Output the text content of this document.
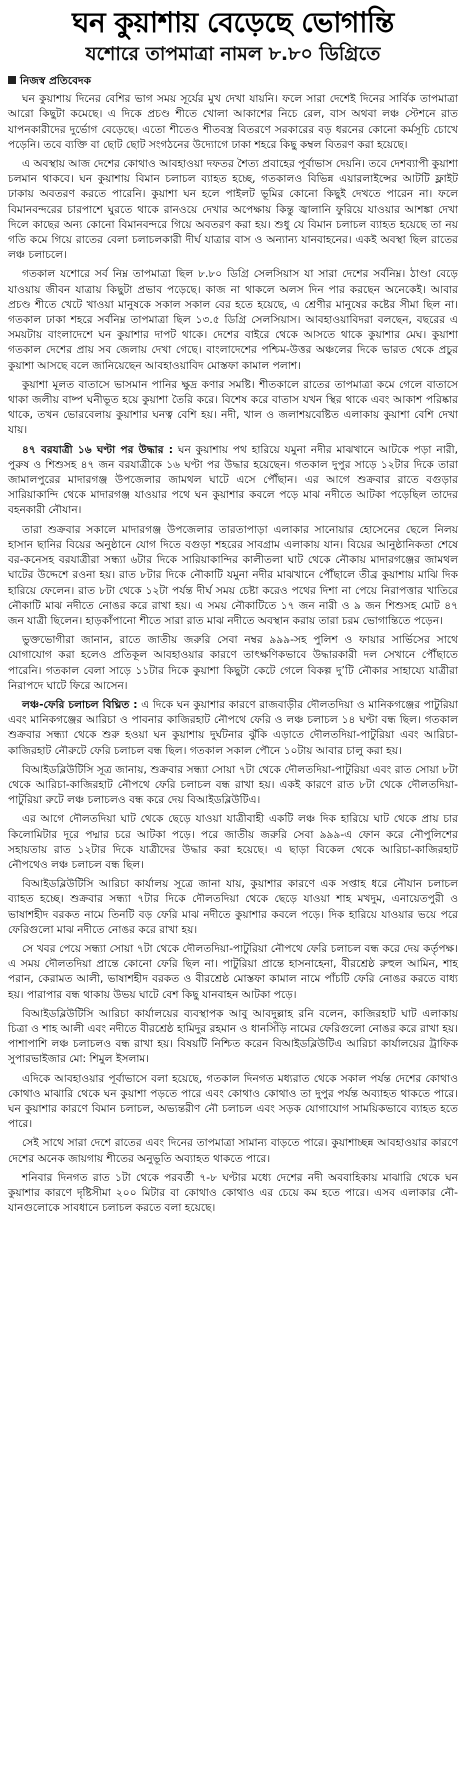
ঘন কুয়াশায় বেড়েছে ভোগান্তি
যশোরে তাপমাত্রা নামল ৮.৮০ ডিগ্রিতে
নিজস্ব প্রতিবেদক

ঘন কুয়াশায় দিনের বেশির ভাগ সময় সূর্যের মুখ দেখা যায়নি। ফলে সারা দেশেই দিনের সার্বিক তাপমাত্রা আরো কিছুটা কমেছে। এ দিকে প্রচণ্ড শীতে খোলা আকাশের নিচে রেল, বাস অথবা লঞ্চ স্টেশনে রাত যাপনকারীদের দুর্ভোগ বেড়েছে। এতো শীতেও শীতবস্ত্র বিতরণে সরকারের বড় ধরনের কোনো কর্মসূচি চোখে পড়েনি। তবে ব্যক্তি বা ছোট ছোট সংগঠনের উদ্যোগে ঢাকা শহরে কিছু কম্বল বিতরণ করা হয়েছে।

এ অবস্থায় আজ দেশের কোথাও আবহাওয়া দফতর শৈত্য প্রবাহের পূর্বাভাস দেয়নি। তবে দেশব্যাপী কুয়াশা চলমান থাকবে। ঘন কুয়াশায় বিমান চলাচল ব্যাহত হচ্ছে, গতকালও বিভিন্ন এয়ারলাইন্সের আটটি ফ্লাইট ঢাকায় অবতরণ করতে পারেনি। কুয়াশা ঘন হলে পাইলট ভূমির কোনো কিছুই দেখতে পারেন না। ফলে বিমানবন্দরের চারপাশে ঘুরতে থাকে রানওয়ে দেখার অপেক্ষায় কিন্তু জ্বালানি ফুরিয়ে যাওয়ার আশঙ্কা দেখা দিলে কাছের অন্য কোনো বিমানবন্দরে গিয়ে অবতরণ করা হয়। শুধু যে বিমান চলাচল ব্যাহত হয়েছে তা নয় গতি কমে গিয়ে রাতের বেলা চলাচলকারী দীর্ঘ যাত্রার বাস ও অন্যান্য যানবাহনের। একই অবস্থা ছিল রাতের লঞ্চ চলাচলে।

গতকাল যশোরে সর্ব নিম্ন তাপমাত্রা ছিল ৮.৮০ ডিগ্রি সেলসিয়াস যা সারা দেশের সর্বনিম্ন। ঠাণ্ডা বেড়ে যাওয়ায় জীবন যাত্রায় কিছুটা প্রভাব পড়েছে। কাজ না থাকলে অলস দিন পার করছেন অনেকেই। আবার প্রচণ্ড শীতে খেটে খাওয়া মানুষকে সকাল সকাল বের হতে হয়েছে, এ শ্রেণীর মানুষের কষ্টের সীমা ছিল না। গতকাল ঢাকা শহরে সর্বনিম্ন তাপমাত্রা ছিল ১৩.৫ ডিগ্রি সেলসিয়াস। আবহাওয়াবিদরা বলছেন, বছরের এ সময়টায় বাংলাদেশে ঘন কুয়াশার দাপট থাকে। দেশের বাইরে থেকে আসতে থাকে কুয়াশার মেঘ। কুয়াশা গতকাল দেশের প্রায় সব জেলায় দেখা গেছে। বাংলাদেশের পশ্চিম-উত্তর অঞ্চলের দিকে ভারত থেকে প্রচুর কুয়াশা আসছে বলে জানিয়েছেন আবহাওয়াবিদ মোস্তফা কামাল পলাশ।

কুয়াশা মূলত বাতাসে ভাসমান পানির ক্ষুদ্র কণার সমষ্টি। শীতকালে রাতের তাপমাত্রা কমে গেলে বাতাসে থাকা জলীয় বাষ্প ঘনীভূত হয়ে কুয়াশা তৈরি করে। বিশেষ করে বাতাস যখন স্থির থাকে এবং আকাশ পরিষ্কার থাকে, তখন ভোরবেলায় কুয়াশার ঘনত্ব বেশি হয়। নদী, খাল ও জলাশয়বেষ্টিত এলাকায় কুয়াশা বেশি দেখা যায়।

৪৭ বরযাত্রী ১৬ ঘণ্টা পর উদ্ধার : ঘন কুয়াশায় পথ হারিয়ে যমুনা নদীর মাঝখানে আটকে পড়া নারী, পুরুষ ও শিশুসহ ৪৭ জন বরযাত্রীকে ১৬ ঘণ্টা পর উদ্ধার হয়েছেন। গতকাল দুপুর সাড়ে ১২টার দিকে তারা জামালপুরের মাদারগঞ্জ উপজেলার জামথল ঘাটে এসে পৌঁছান। এর আগে শুক্রবার রাতে বগুড়ার সারিয়াকান্দি থেকে মাদারগঞ্জ যাওয়ার পথে ঘন কুয়াশার কবলে পড়ে মাঝ নদীতে আটকা পড়েছিল তাদের বহনকারী নৌযান।

তারা শুক্রবার সকালে মাদারগঞ্জ উপজেলার তারতাপাড়া এলাকার সানোয়ার হোসেনের ছেলে নিলয় হাসান ছানির বিয়ের অনুষ্ঠানে যোগ দিতে বগুড়া শহরের সাবগ্রাম এলাকায় যান। বিয়ের আনুষ্ঠানিকতা শেষে বর-কনেসহ বরযাত্রীরা সন্ধ্যা ৬টার দিকে সারিয়াকান্দির কালীতলা ঘাট থেকে নৌকায় মাদারগঞ্জের জামথল ঘাটের উদ্দেশে রওনা হয়। রাত ৮টার দিকে নৌকাটি যমুনা নদীর মাঝখানে পৌঁছালে তীব্র কুয়াশায় মাঝি দিক হারিয়ে ফেলেন। রাত ৮টা থেকে ১২টা পর্যন্ত দীর্ঘ সময় চেষ্টা করেও পথের দিশা না পেয়ে নিরাপত্তার খাতিরে নৌকাটি মাঝ নদীতে নোঙর করে রাখা হয়। এ সময় নৌকাটিতে ১৭ জন নারী ও ৯ জন শিশুসহ মোট ৪৭ জন যাত্রী ছিলেন। হাড়কাঁপানো শীতে সারা রাত মাঝ নদীতে অবস্থান করায় তারা চরম ভোগান্তিতে পড়েন।

ভুক্তভোগীরা জানান, রাতে জাতীয় জরুরি সেবা নম্বর ৯৯৯-সহ পুলিশ ও ফায়ার সার্ভিসের সাথে যোগাযোগ করা হলেও প্রতিকূল আবহাওয়ার কারণে তাৎক্ষণিকভাবে উদ্ধারকারী দল সেখানে পৌঁছাতে পারেনি। গতকাল বেলা সাড়ে ১১টার দিকে কুয়াশা কিছুটা কেটে গেলে বিকল্প দু’টি নৌকার সাহায্যে যাত্রীরা নিরাপদে ঘাটে ফিরে আসেন।

লঞ্চ-ফেরি চলাচল বিঘ্নিত : এ দিকে ঘন কুয়াশার কারণে রাজবাড়ীর দৌলতদিয়া ও মানিকগঞ্জের পাটুরিয়া এবং মানিকগঞ্জের আরিচা ও পাবনার কাজিরহাট নৌপথে ফেরি ও লঞ্চ চলাচল ১৪ ঘণ্টা বন্ধ ছিল। গতকাল শুক্রবার সন্ধ্যা থেকে শুরু হওয়া ঘন কুয়াশায় দুর্ঘটনার ঝুঁকি এড়াতে দৌলতদিয়া-পাটুরিয়া এবং আরিচা-কাজিরহাট নৌরুটে ফেরি চলাচল বন্ধ ছিল। গতকাল সকাল পৌনে ১০টায় আবার চালু করা হয়।

বিআইডব্লিউটিসি সূত্র জানায়, শুক্রবার সন্ধ্যা সোয়া ৭টা থেকে দৌলতদিয়া-পাটুরিয়া এবং রাত সোয়া ৮টা থেকে আরিচা-কাজিরহাট নৌপথে ফেরি চলাচল বন্ধ রাখা হয়। একই কারণে রাত ৮টা থেকে দৌলতদিয়া-পাটুরিয়া রুটে লঞ্চ চলাচলও বন্ধ করে দেয় বিআইডব্লিউটিএ।

এর আগে দৌলতদিয়া ঘাট থেকে ছেড়ে যাওয়া যাত্রীবাহী একটি লঞ্চ দিক হারিয়ে ঘাট থেকে প্রায় চার কিলোমিটার দূরে পদ্মার চরে আটকা পড়ে। পরে জাতীয় জরুরি সেবা ৯৯৯-এ ফোন করে নৌপুলিশের সহায়তায় রাত ১২টার দিকে যাত্রীদের উদ্ধার করা হয়েছে। এ ছাড়া বিকেল থেকে আরিচা-কাজিরহাট নৌপথেও লঞ্চ চলাচল বন্ধ ছিল।

বিআইডব্লিউটিসি আরিচা কার্যালয় সূত্রে জানা যায়, কুয়াশার কারণে এক সপ্তাহ ধরে নৌযান চলাচল ব্যাহত হচ্ছে। শুক্রবার সন্ধ্যা ৭টার দিকে দৌলতদিয়া থেকে ছেড়ে যাওয়া শাহ মখদুম, এনায়েতপুরী ও ভাষাশহীদ বরকত নামে তিনটি বড় ফেরি মাঝ নদীতে কুয়াশার কবলে পড়ে। দিক হারিয়ে যাওয়ার ভয়ে পরে ফেরিগুলো মাঝ নদীতে নোঙর করে রাখা হয়।

সে খবর পেয়ে সন্ধ্যা সোয়া ৭টা থেকে দৌলতদিয়া-পাটুরিয়া নৌপথে ফেরি চলাচল বন্ধ করে দেয় কর্তৃপক্ষ। এ সময় দৌলতদিয়া প্রান্তে কোনো ফেরি ছিল না। পাটুরিয়া প্রান্তে হাসনাহেনা, বীরশ্রেষ্ঠ রুহুল আমিন, শাহ পরান, কেরামত আলী, ভাষাশহীদ বরকত ও বীরশ্রেষ্ঠ মোস্তফা কামাল নামে পাঁচটি ফেরি নোঙর করতে বাধ্য হয়। পারাপার বন্ধ থাকায় উভয় ঘাটে বেশ কিছু যানবাহন আটকা পড়ে।

বিআইডব্লিউটিসি আরিচা কার্যালয়ের ব্যবস্থাপক আবু আবদুল্লাহ রনি বলেন, কাজিরহাট ঘাট এলাকায় চিত্রা ও শাহ আলী এবং নদীতে বীরশ্রেষ্ঠ হামিদুর রহমান ও ধানসিঁড়ি নামের ফেরিগুলো নোঙর করে রাখা হয়। পাশাপাশি লঞ্চ চলাচলও বন্ধ রাখা হয়। বিষয়টি নিশ্চিত করেন বিআইডব্লিউটিএ আরিচা কার্যালয়ের ট্রাফিক সুপারভাইজার মো: শিমুল ইসলাম।

এদিকে আবহাওয়ার পূর্বাভাসে বলা হয়েছে, গতকাল দিনগত মধ্যরাত থেকে সকাল পর্যন্ত দেশের কোথাও কোথাও মাঝারি থেকে ঘন কুয়াশা পড়তে পারে এবং কোথাও কোথাও তা দুপুর পর্যন্ত অব্যাহত থাকতে পারে। ঘন কুয়াশার কারণে বিমান চলাচল, অভ্যন্তরীণ নৌ চলাচল এবং সড়ক যোগাযোগ সাময়িকভাবে ব্যাহত হতে পারে।

সেই সাথে সারা দেশে রাতের এবং দিনের তাপমাত্রা সামান্য বাড়তে পারে। কুয়াশাচ্ছন্ন আবহাওয়ার কারণে দেশের অনেক জায়গায় শীতের অনুভূতি অব্যাহত থাকতে পারে।

শনিবার দিনগত রাত ১টা থেকে পরবর্তী ৭-৮ ঘণ্টার মধ্যে দেশের নদী অববাহিকায় মাঝারি থেকে ঘন কুয়াশার কারণে দৃষ্টিসীমা ২০০ মিটার বা কোথাও কোথাও এর চেয়ে কম হতে পারে। এসব এলাকার নৌ-যানগুলোকে সাবধানে চলাচল করতে বলা হয়েছে।
